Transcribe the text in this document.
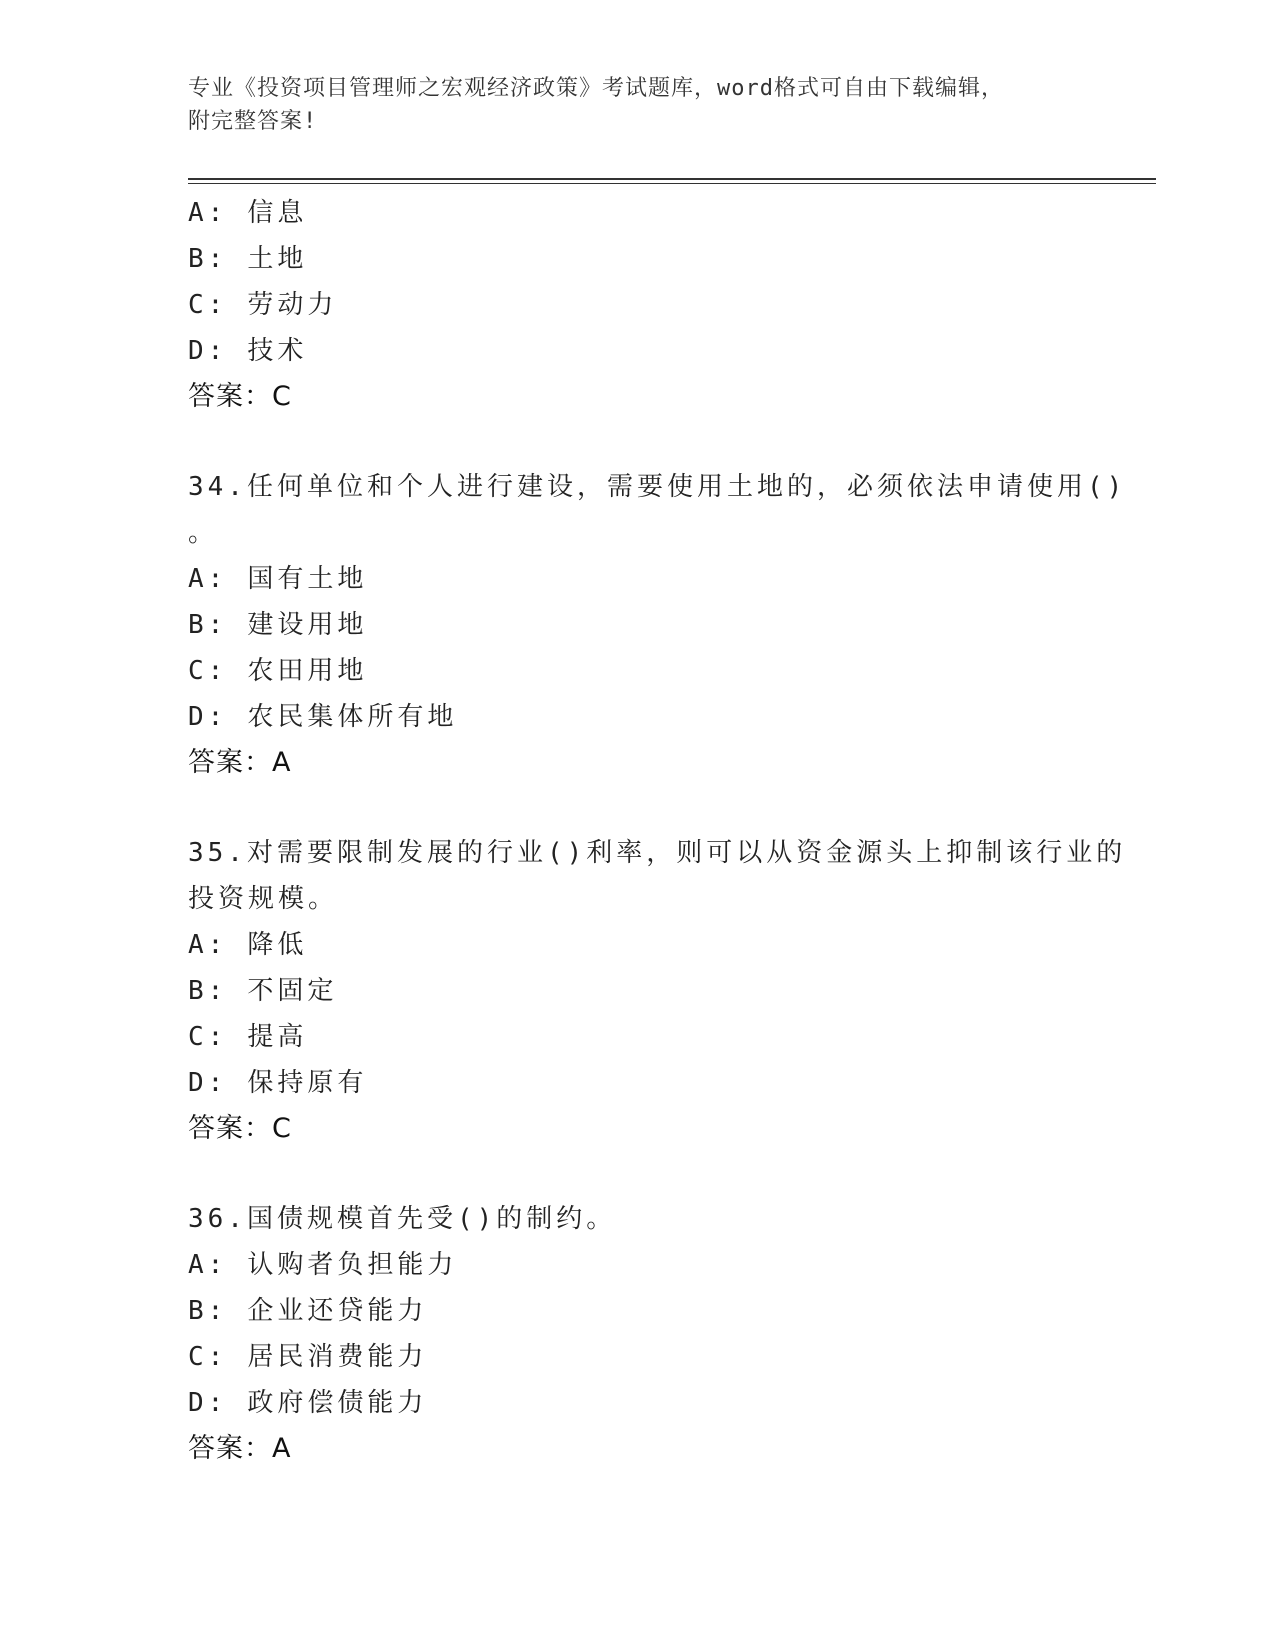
专业《投资项目管理师之宏观经济政策》考试题库，word格式可自由下载编辑，
附完整答案!
A: 信息
B: 土地
C: 劳动力
D: 技术
答案：C
34.任何单位和个人进行建设，需要使用土地的，必须依法申请使用()
。
A: 国有土地
B: 建设用地
C: 农田用地
D: 农民集体所有地
答案：A
35.对需要限制发展的行业()利率，则可以从资金源头上抑制该行业的
投资规模。
A: 降低
B: 不固定
C: 提高
D: 保持原有
答案：C
36.国债规模首先受()的制约。
A: 认购者负担能力
B: 企业还贷能力
C: 居民消费能力
D: 政府偿债能力
答案：A
